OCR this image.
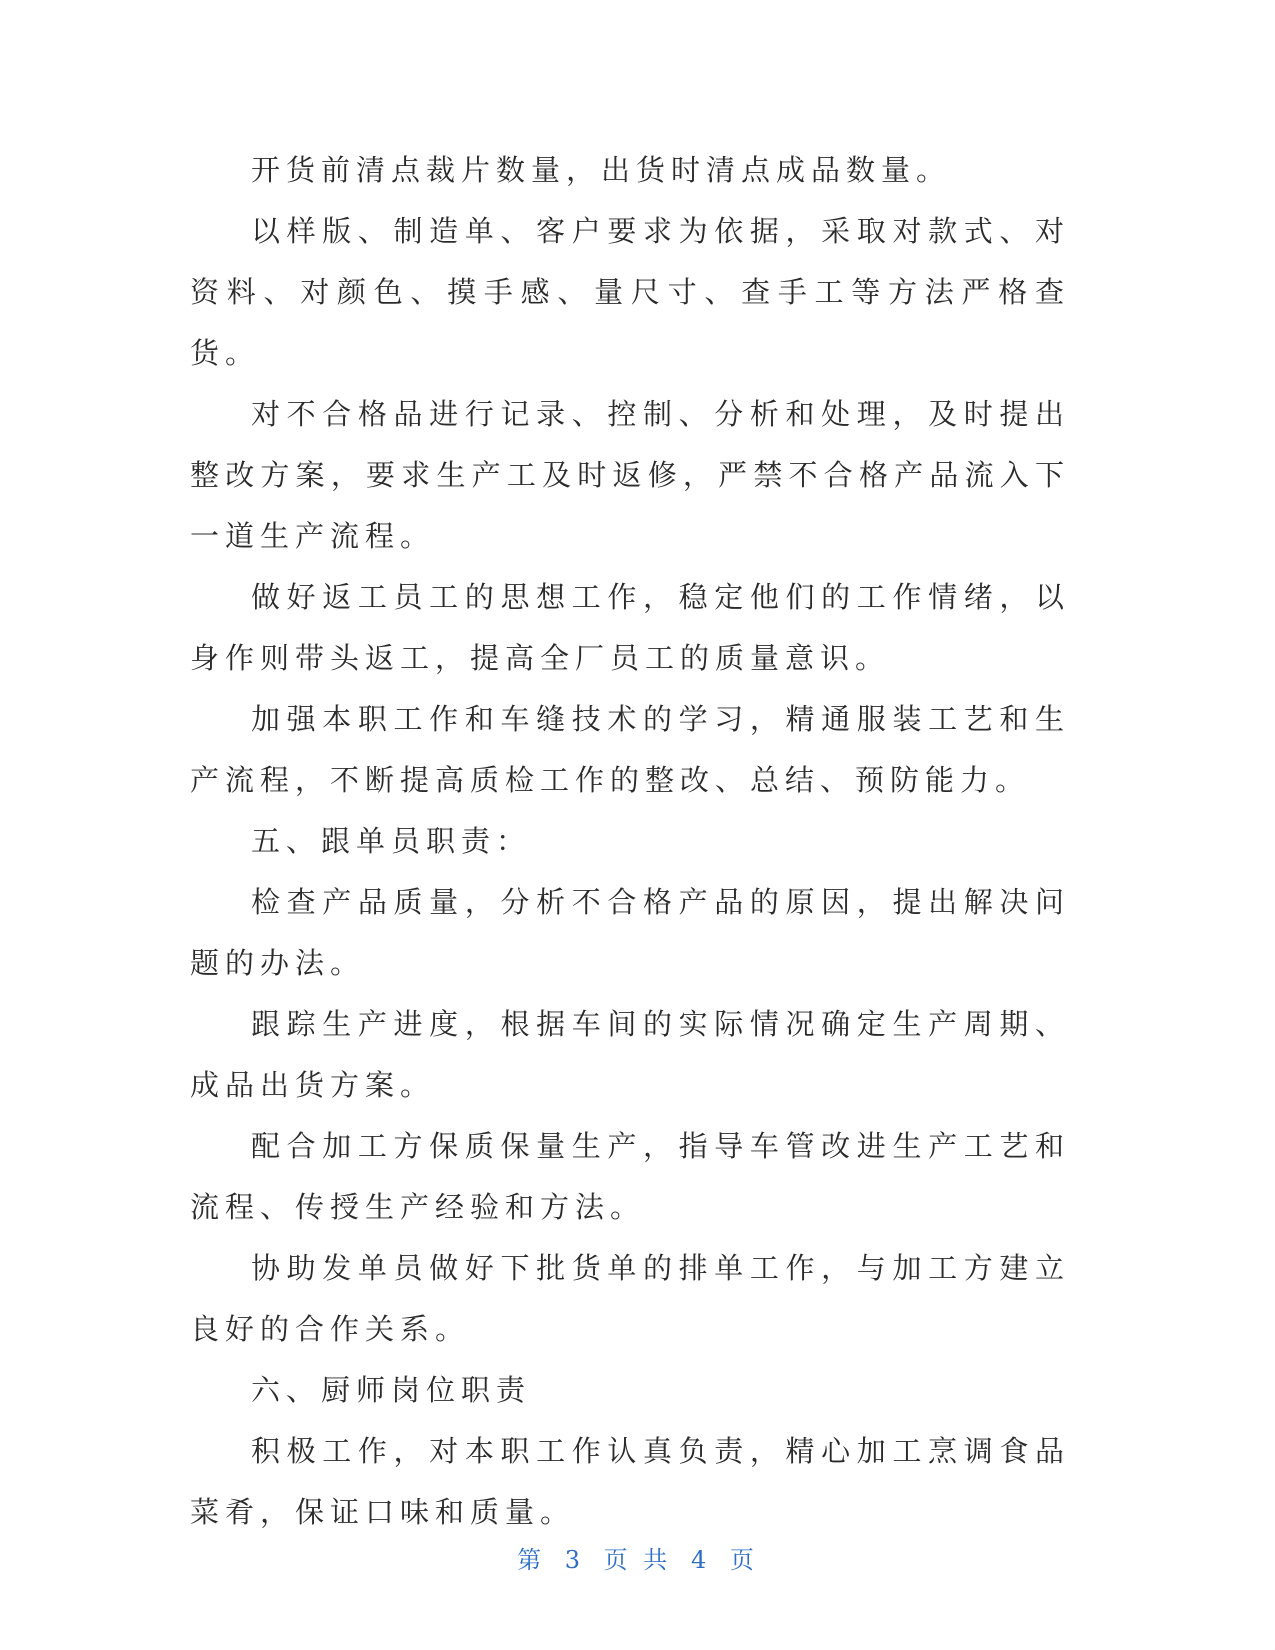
开货前清点裁片数量，出货时清点成品数量。

以样版、制造单、客户要求为依据，采取对款式、对资料、对颜色、摸手感、量尺寸、查手工等方法严格查货。

对不合格品进行记录、控制、分析和处理，及时提出整改方案，要求生产工及时返修，严禁不合格产品流入下一道生产流程。

做好返工员工的思想工作，稳定他们的工作情绪，以身作则带头返工，提高全厂员工的质量意识。

加强本职工作和车缝技术的学习，精通服装工艺和生产流程，不断提高质检工作的整改、总结、预防能力。

五、跟单员职责：

检查产品质量，分析不合格产品的原因，提出解决问题的办法。

跟踪生产进度，根据车间的实际情况确定生产周期、成品出货方案。

配合加工方保质保量生产，指导车管改进生产工艺和流程、传授生产经验和方法。

协助发单员做好下批货单的排单工作，与加工方建立良好的合作关系。

六、厨师岗位职责

积极工作，对本职工作认真负责，精心加工烹调食品菜肴，保证口味和质量。

第 3 页 共 4 页
